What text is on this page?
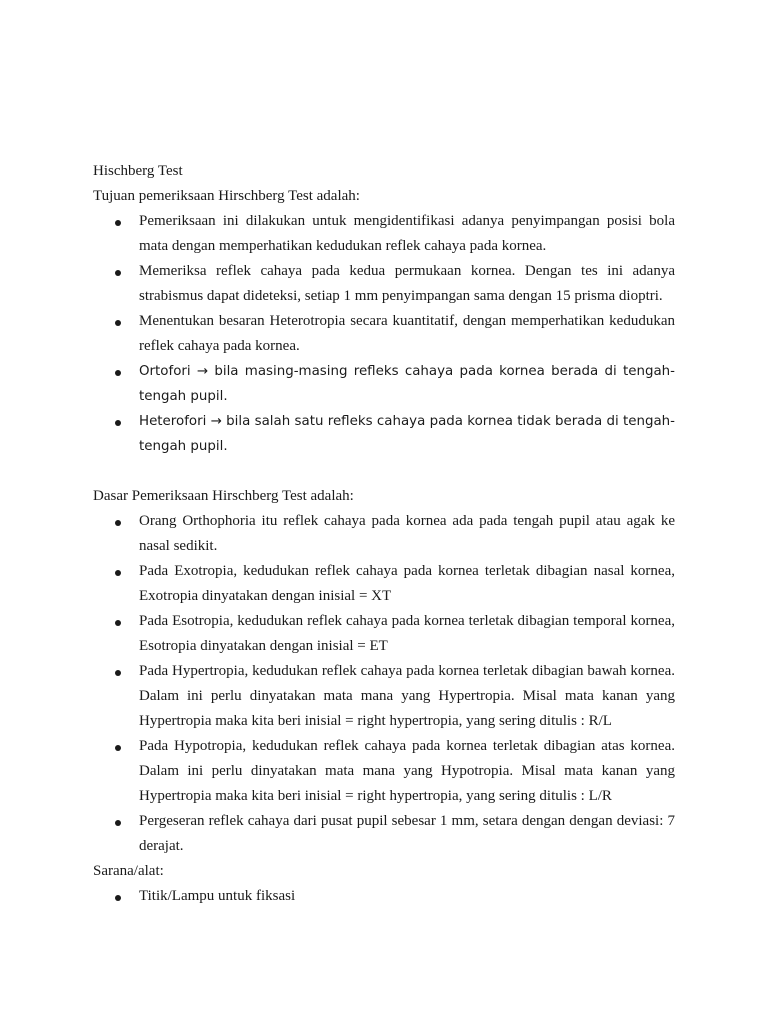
Hischberg Test
Tujuan pemeriksaan Hirschberg Test adalah:
Pemeriksaan ini dilakukan untuk mengidentifikasi adanya penyimpangan posisi bola mata dengan memperhatikan kedudukan reflek cahaya pada kornea.
Memeriksa reflek cahaya pada kedua permukaan kornea. Dengan tes ini adanya strabismus dapat dideteksi, setiap 1 mm penyimpangan sama dengan 15 prisma dioptri.
Menentukan besaran Heterotropia secara kuantitatif, dengan memperhatikan kedudukan reflek cahaya pada kornea.
Ortofori → bila masing-masing refleks cahaya pada kornea berada di tengah-tengah pupil.
Heterofori → bila salah satu refleks cahaya pada kornea tidak berada di tengah-tengah pupil.
Dasar Pemeriksaan Hirschberg Test adalah:
Orang Orthophoria itu reflek cahaya pada kornea ada pada tengah pupil atau agak ke nasal sedikit.
Pada Exotropia, kedudukan reflek cahaya pada kornea terletak dibagian nasal kornea, Exotropia dinyatakan dengan inisial = XT
Pada Esotropia, kedudukan reflek cahaya pada kornea terletak dibagian temporal kornea, Esotropia dinyatakan dengan inisial = ET
Pada Hypertropia, kedudukan reflek cahaya pada kornea terletak dibagian bawah kornea. Dalam ini perlu dinyatakan mata mana yang Hypertropia. Misal mata kanan yang Hypertropia maka kita beri inisial = right hypertropia, yang sering ditulis : R/L
Pada Hypotropia, kedudukan reflek cahaya pada kornea terletak dibagian atas kornea. Dalam ini perlu dinyatakan mata mana yang Hypotropia. Misal mata kanan yang Hypertropia maka kita beri inisial = right hypertropia, yang sering ditulis : L/R
Pergeseran reflek cahaya dari pusat pupil sebesar 1 mm, setara dengan dengan deviasi: 7 derajat.
Sarana/alat:
Titik/Lampu untuk fiksasi
